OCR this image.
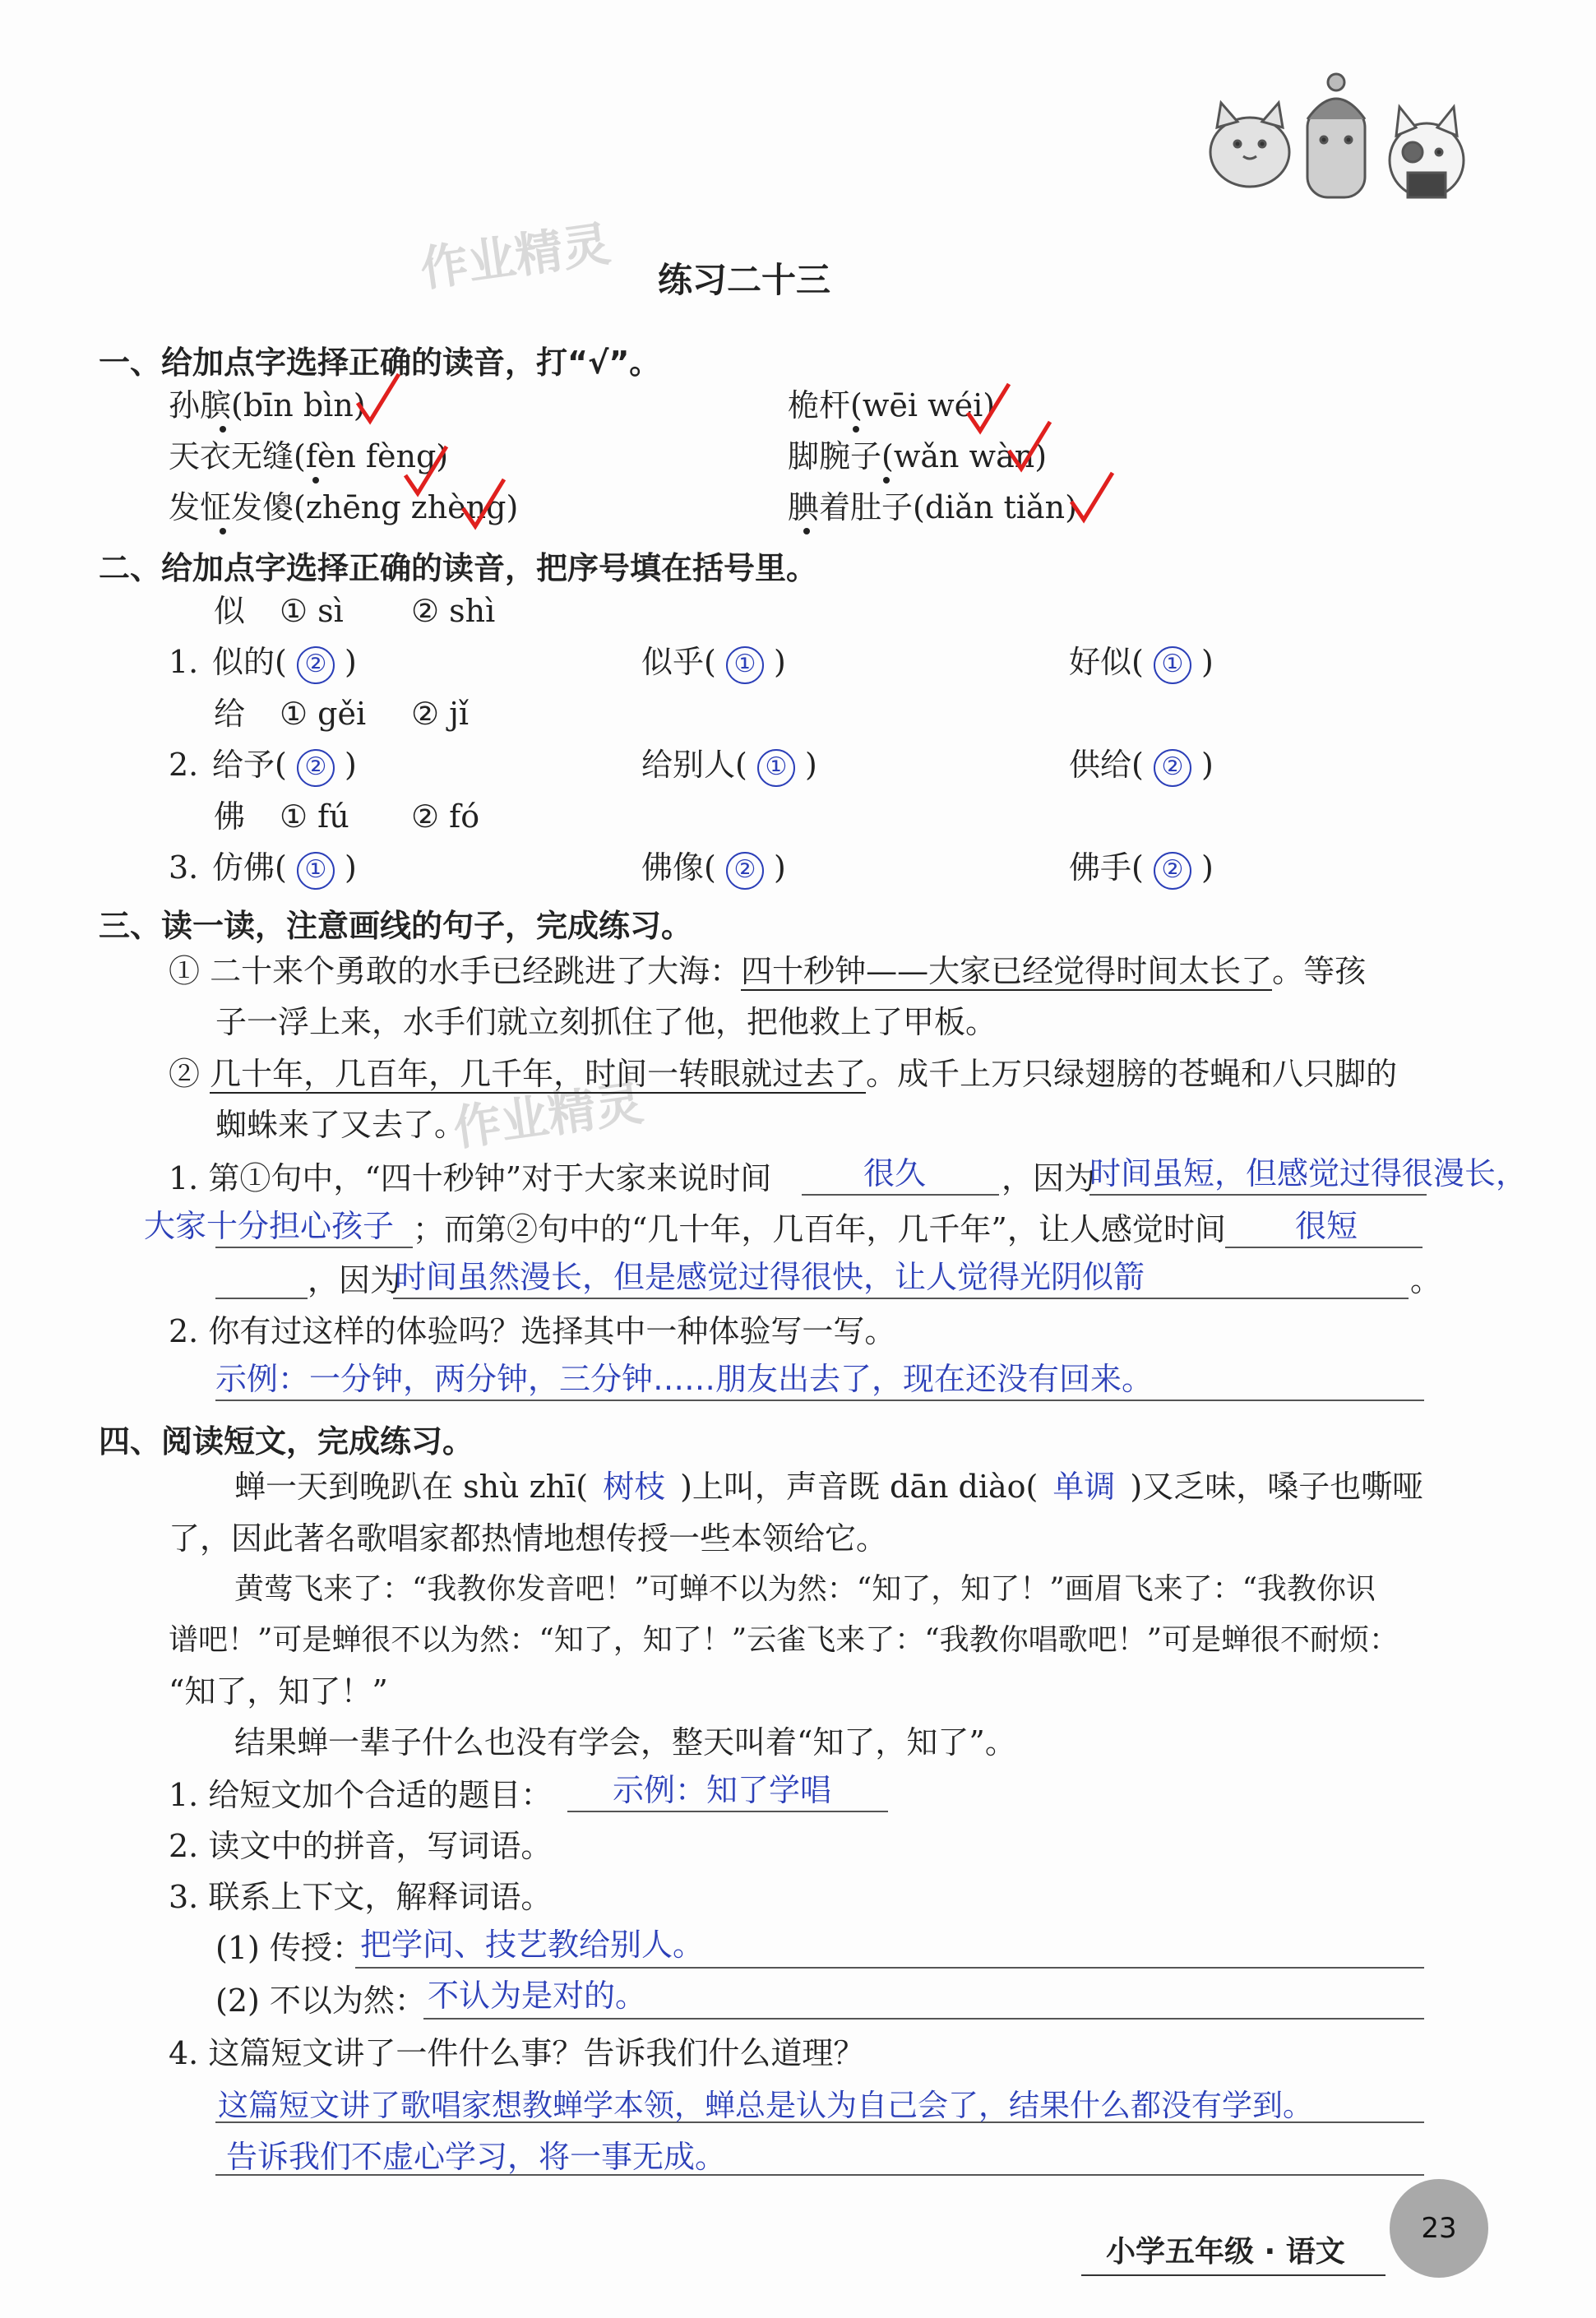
作业精灵
作业精灵
练习二十三
一、给加点字选择正确的读音，打“√”。
孙膑(bīn bìn)	桅杆(wēi wéi)
天衣无缝(fèn fèng)	脚腕子(wǎn wàn)
发怔发傻(zhēng zhèng)	腆着肚子(diǎn tiǎn)
二、给加点字选择正确的读音，把序号填在括号里。
似 ① sì ② shì
1. 似的( ② )	似乎( ① )	好似( ① )
给 ① gěi ② jǐ
2. 给予( ② )	给别人( ① )	供给( ② )
佛 ① fú ② fó
3. 仿佛( ① )	佛像( ② )	佛手( ② )
三、读一读，注意画线的句子，完成练习。
① 二十来个勇敢的水手已经跳进了大海：四十秒钟——大家已经觉得时间太长了。等孩
子一浮上来，水手们就立刻抓住了他，把他救上了甲板。
② 几十年，几百年，几千年，时间一转眼就过去了。成千上万只绿翅膀的苍蝇和八只脚的
蜘蛛来了又去了。
1. 第①句中，“四十秒钟”对于大家来说时间	很久 ，因为
时间虽短，但感觉过得很漫长，
大家十分担心孩子 ；而第②句中的“几十年，几百年，几千年”，让人感觉时间 很短
，因为
时间虽然漫长，但是感觉过得很快，让人觉得光阴似箭	。
2. 你有过这样的体验吗？选择其中一种体验写一写。
示例：一分钟，两分钟，三分钟……朋友出去了，现在还没有回来。
四、阅读短文，完成练习。
蝉一天到晚趴在 shù zhī( 树枝 )上叫，声音既 dān diào( 单调 )又乏味，嗓子也嘶哑
了，因此著名歌唱家都热情地想传授一些本领给它。
黄莺飞来了：“我教你发音吧！”可蝉不以为然：“知了，知了！”画眉飞来了：“我教你识
谱吧！”可是蝉很不以为然：“知了，知了！”云雀飞来了：“我教你唱歌吧！”可是蝉很不耐烦：
“知了，知了！”
结果蝉一辈子什么也没有学会，整天叫着“知了，知了”。
1. 给短文加个合适的题目： 示例：知了学唱
2. 读文中的拼音，写词语。
3. 联系上下文，解释词语。
(1) 传授：
把学问、技艺教给别人。
(2) 不以为然： 不认为是对的。
4. 这篇短文讲了一件什么事？告诉我们什么道理？
这篇短文讲了歌唱家想教蝉学本领，蝉总是认为自己会了，结果什么都没有学到。
告诉我们不虚心学习，将一事无成。
小学五年级 · 语文
23
